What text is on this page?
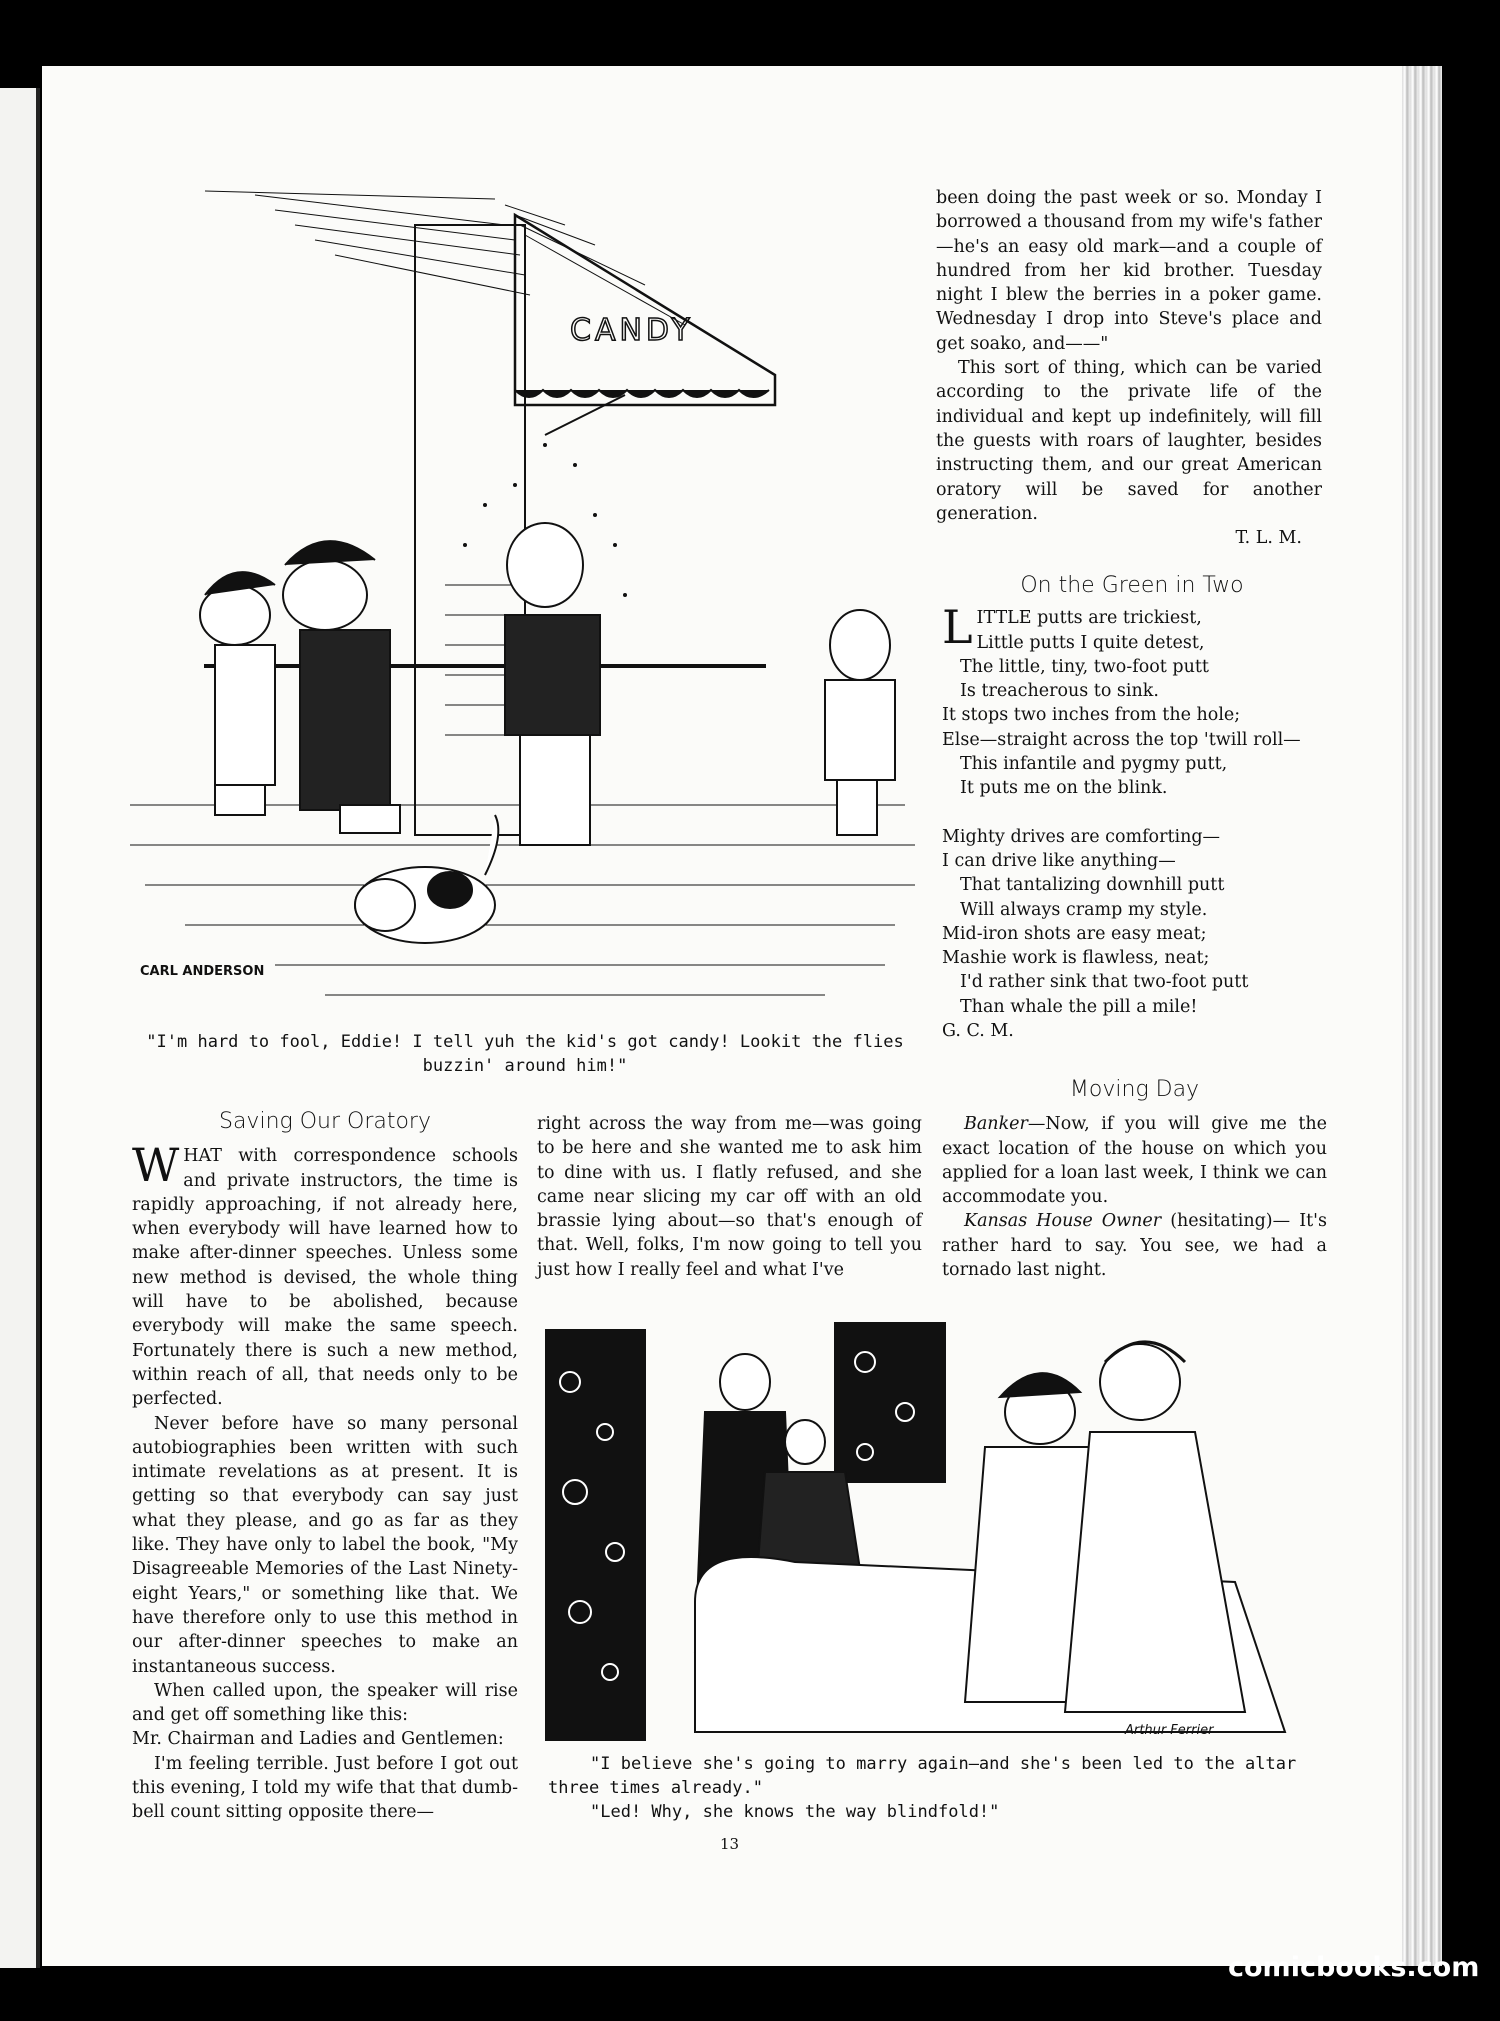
CANDY
CARL ANDERSON
"I'm hard to fool, Eddie! I tell yuh the kid's got candy! Lookit the flies buzzin' around him!"

been doing the past week or so. Monday I borrowed a thousand from my wife's father—he's an easy old mark—and a couple of hundred from her kid brother. Tuesday night I blew the berries in a poker game. Wednesday I drop into Steve's place and get soako, and——"

This sort of thing, which can be varied according to the private life of the individual and kept up indefinitely, will fill the guests with roars of laughter, besides instructing them, and our great American oratory will be saved for another generation.

T. L. M.

On the Green in Two

LITTLE putts are trickiest,

Little putts I quite detest,

The little, tiny, two-foot putt

Is treacherous to sink.

It stops two inches from the hole;

Else—straight across the top 'twill roll—

This infantile and pygmy putt,

It puts me on the blink.

Mighty drives are comforting—

I can drive like anything—

That tantalizing downhill putt

Will always cramp my style.

Mid-iron shots are easy meat;

Mashie work is flawless, neat;

I'd rather sink that two-foot putt

Than whale the pill a mile!

G. C. M.

Moving Day

Banker—Now, if you will give me the exact location of the house on which you applied for a loan last week, I think we can accommodate you.

Kansas House Owner (hesitating)— It's rather hard to say. You see, we had a tornado last night.

Saving Our Oratory

WHAT with correspondence schools and private instructors, the time is rapidly approaching, if not already here, when everybody will have learned how to make after-dinner speeches. Unless some new method is devised, the whole thing will have to be abolished, because everybody will make the same speech. Fortunately there is such a new method, within reach of all, that needs only to be perfected.

Never before have so many personal autobiographies been written with such intimate revelations as at present. It is getting so that everybody can say just what they please, and go as far as they like. They have only to label the book, "My Disagreeable Memories of the Last Ninety-eight Years," or something like that. We have therefore only to use this method in our after-dinner speeches to make an instantaneous success.

When called upon, the speaker will rise and get off something like this:

Mr. Chairman and Ladies and Gentlemen:

I'm feeling terrible. Just before I got out this evening, I told my wife that that dumb-bell count sitting opposite there—

right across the way from me—was going to be here and she wanted me to ask him to dine with us. I flatly refused, and she came near slicing my car off with an old brassie lying about—so that's enough of that. Well, folks, I'm now going to tell you just how I really feel and what I've

Arthur Ferrier
"I believe she's going to marry again—and she's been led to the altar three times already."
"Led! Why, she knows the way blindfold!"
13
comicbooks.com
